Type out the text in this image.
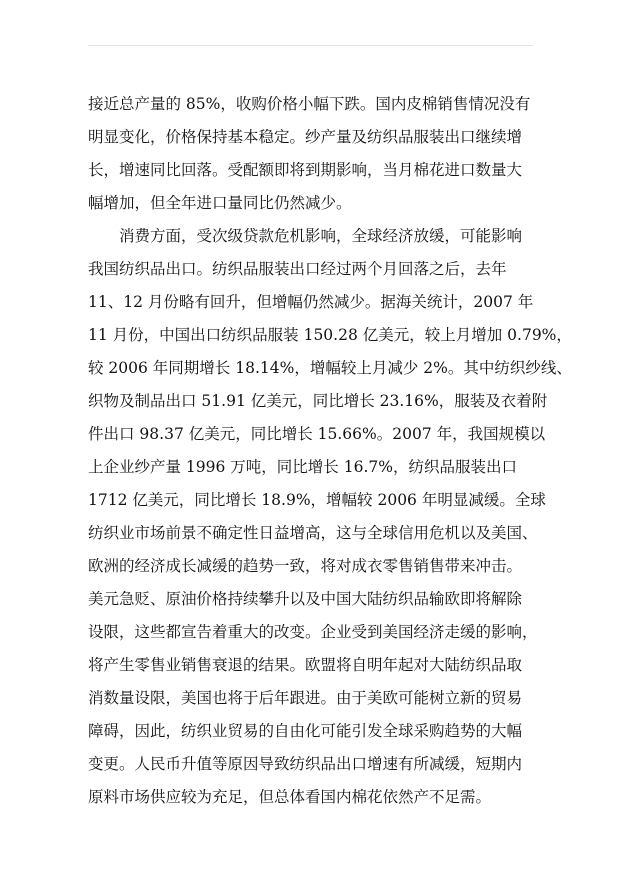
接近总产量的 85%，收购价格小幅下跌。国内皮棉销售情况没有
明显变化，价格保持基本稳定。纱产量及纺织品服装出口继续增
长，增速同比回落。受配额即将到期影响，当月棉花进口数量大
幅增加，但全年进口量同比仍然减少。
消费方面，受次级贷款危机影响，全球经济放缓，可能影响
我国纺织品出口。纺织品服装出口经过两个月回落之后，去年
11、12 月份略有回升，但增幅仍然减少。据海关统计，2007 年
11 月份，中国出口纺织品服装 150.28 亿美元，较上月增加 0.79%，
较 2006 年同期增长 18.14%，增幅较上月减少 2%。其中纺织纱线、
织物及制品出口 51.91 亿美元，同比增长 23.16%，服装及衣着附
件出口 98.37 亿美元，同比增长 15.66%。2007 年，我国规模以
上企业纱产量 1996 万吨，同比增长 16.7%，纺织品服装出口
1712 亿美元，同比增长 18.9%，增幅较 2006 年明显减缓。全球
纺织业市场前景不确定性日益增高，这与全球信用危机以及美国、
欧洲的经济成长减缓的趋势一致，将对成衣零售销售带来冲击。
美元急贬、原油价格持续攀升以及中国大陆纺织品输欧即将解除
设限，这些都宣告着重大的改变。企业受到美国经济走缓的影响，
将产生零售业销售衰退的结果。欧盟将自明年起对大陆纺织品取
消数量设限，美国也将于后年跟进。由于美欧可能树立新的贸易
障碍，因此，纺织业贸易的自由化可能引发全球采购趋势的大幅
变更。人民币升值等原因导致纺织品出口增速有所减缓，短期内
原料市场供应较为充足，但总体看国内棉花依然产不足需。
